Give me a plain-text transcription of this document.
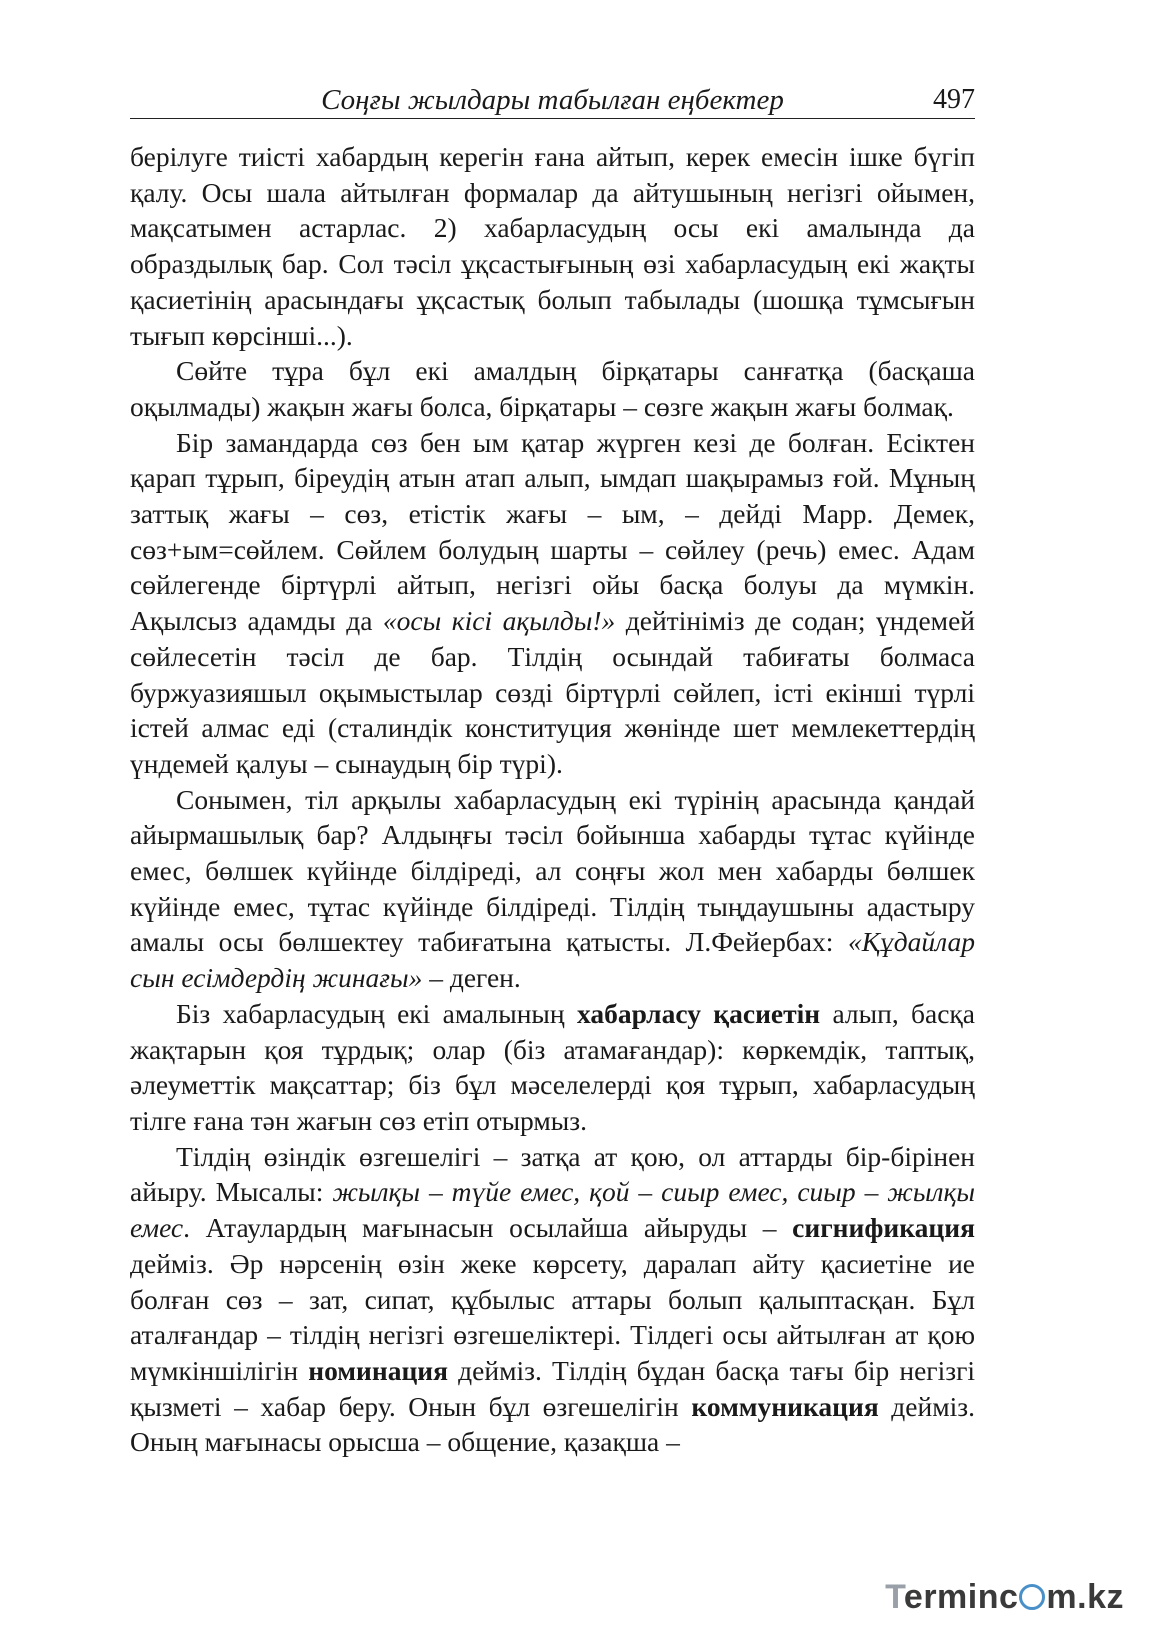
Соңғы жылдары табылған еңбектер	497

берілуге тиісті хабардың керегін ғана айтып, керек емесін ішке бүгіп қалу. Осы шала айтылған формалар да айтушының негізгі ойымен, мақсатымен астарлас. 2) хабарласудың осы екі амалында да образдылық бар. Сол тәсіл ұқсастығының өзі хабарласудың екі жақты қасиетінің арасындағы ұқсастық болып табылады (шошқа тұмсығын тығып көрсінші...).

Сөйте тұра бұл екі амалдың бірқатары санғатқа (басқаша оқылмады) жақын жағы болса, бірқатары – сөзге жақын жағы болмақ.

Бір замандарда сөз бен ым қатар жүрген кезі де болған. Есіктен қарап тұрып, біреудің атын атап алып, ымдап шақырамыз ғой. Мұның заттық жағы – сөз, етістік жағы – ым, – дейді Марр. Демек, сөз+ым=сөйлем. Сөйлем болудың шарты – сөйлеу (речь) емес. Адам сөйлегенде біртүрлі айтып, негізгі ойы басқа болуы да мүмкін. Ақылсыз адамды да «осы кісі ақылды!» дейтініміз де содан; үндемей сөйлесетін тәсіл де бар. Тілдің осындай табиғаты болмаса буржуазияшыл оқымыстылар сөзді біртүрлі сөйлеп, істі екінші түрлі істей алмас еді (сталиндік конституция жөнінде шет мемлекеттердің үндемей қалуы – сынаудың бір түрі).

Сонымен, тіл арқылы хабарласудың екі түрінің арасында қандай айырмашылық бар? Алдыңғы тәсіл бойынша хабарды тұтас күйінде емес, бөлшек күйінде білдіреді, ал соңғы жол мен хабарды бөлшек күйінде емес, тұтас күйінде білдіреді. Тілдің тыңдаушыны адастыру амалы осы бөлшектеу табиғатына қатысты. Л.Фейербах: «Құдайлар сын есімдердің жинағы» – деген.

Біз хабарласудың екі амалының хабарласу қасиетін алып, басқа жақтарын қоя тұрдық; олар (біз атамағандар): көркемдік, таптық, әлеуметтік мақсаттар; біз бұл мәселелерді қоя тұрып, хабарласудың тілге ғана тән жағын сөз етіп отырмыз.

Тілдің өзіндік өзгешелігі – затқа ат қою, ол аттарды бір-бірінен айыру. Мысалы: жылқы – түйе емес, қой – сиыр емес, сиыр – жылқы емес. Атаулардың мағынасын осылайша айыруды – сигнификация дейміз. Әр нәрсенің өзін жеке көрсету, даралап айту қасиетіне ие болған сөз – зат, сипат, құбылыс аттары болып қалыптасқан. Бұл аталғандар – тілдің негізгі өзгешеліктері. Тілдегі осы айтылған ат қою мүмкіншілігін номинация дейміз. Тілдің бұдан басқа тағы бір негізгі қызметі – хабар беру. Онын бұл өзгешелігін коммуникация дейміз. Оның мағынасы орысша – общение, қазақша –

Terminc m.kz
